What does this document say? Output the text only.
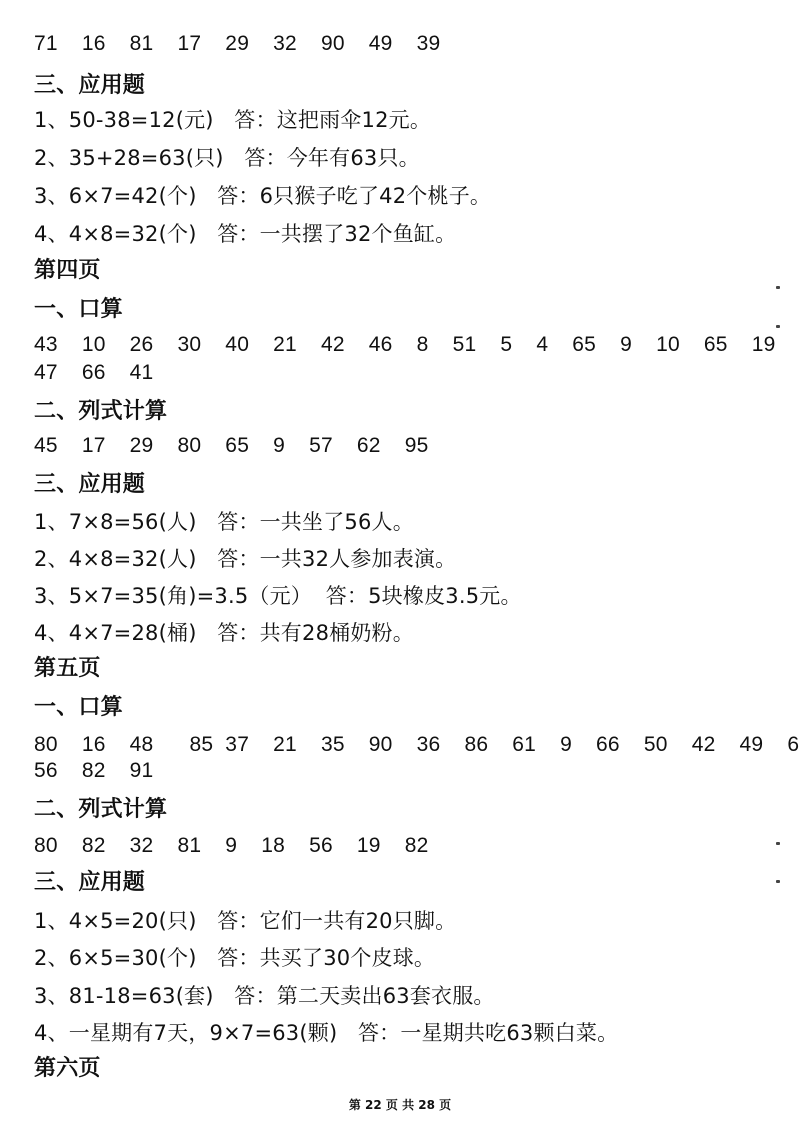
71  16  81  17  29  32  90  49  39
三、应用题
1、50-38=12(元)   答：这把雨伞12元。
2、35+28=63(只)   答：今年有63只。
3、6×7=42(个)   答：6只猴子吃了42个桃子。
4、4×8=32(个)   答：一共摆了32个鱼缸。
第四页
一、口算
43  10  26  30  40  21  42  46  8  51  5  4  65  9  10  65  19
47  66  41
二、列式计算
45  17  29  80  65  9  57  62  95
三、应用题
1、7×8=56(人)   答：一共坐了56人。
2、4×8=32(人)   答：一共32人参加表演。
3、5×7=35(角)=3.5（元）  答：5块橡皮3.5元。
4、4×7=28(桶)   答：共有28桶奶粉。
第五页
一、口算
80  16  48   85 37  21  35  90  36  86  61  9  66  50  42  49  6
56  82  91
二、列式计算
80  82  32  81  9  18  56  19  82
三、应用题
1、4×5=20(只)   答：它们一共有20只脚。
2、6×5=30(个)   答：共买了30个皮球。
3、81-18=63(套)   答：第二天卖出63套衣服。
4、一星期有7天，9×7=63(颗)   答：一星期共吃63颗白菜。
第六页
第 22 页 共 28 页
